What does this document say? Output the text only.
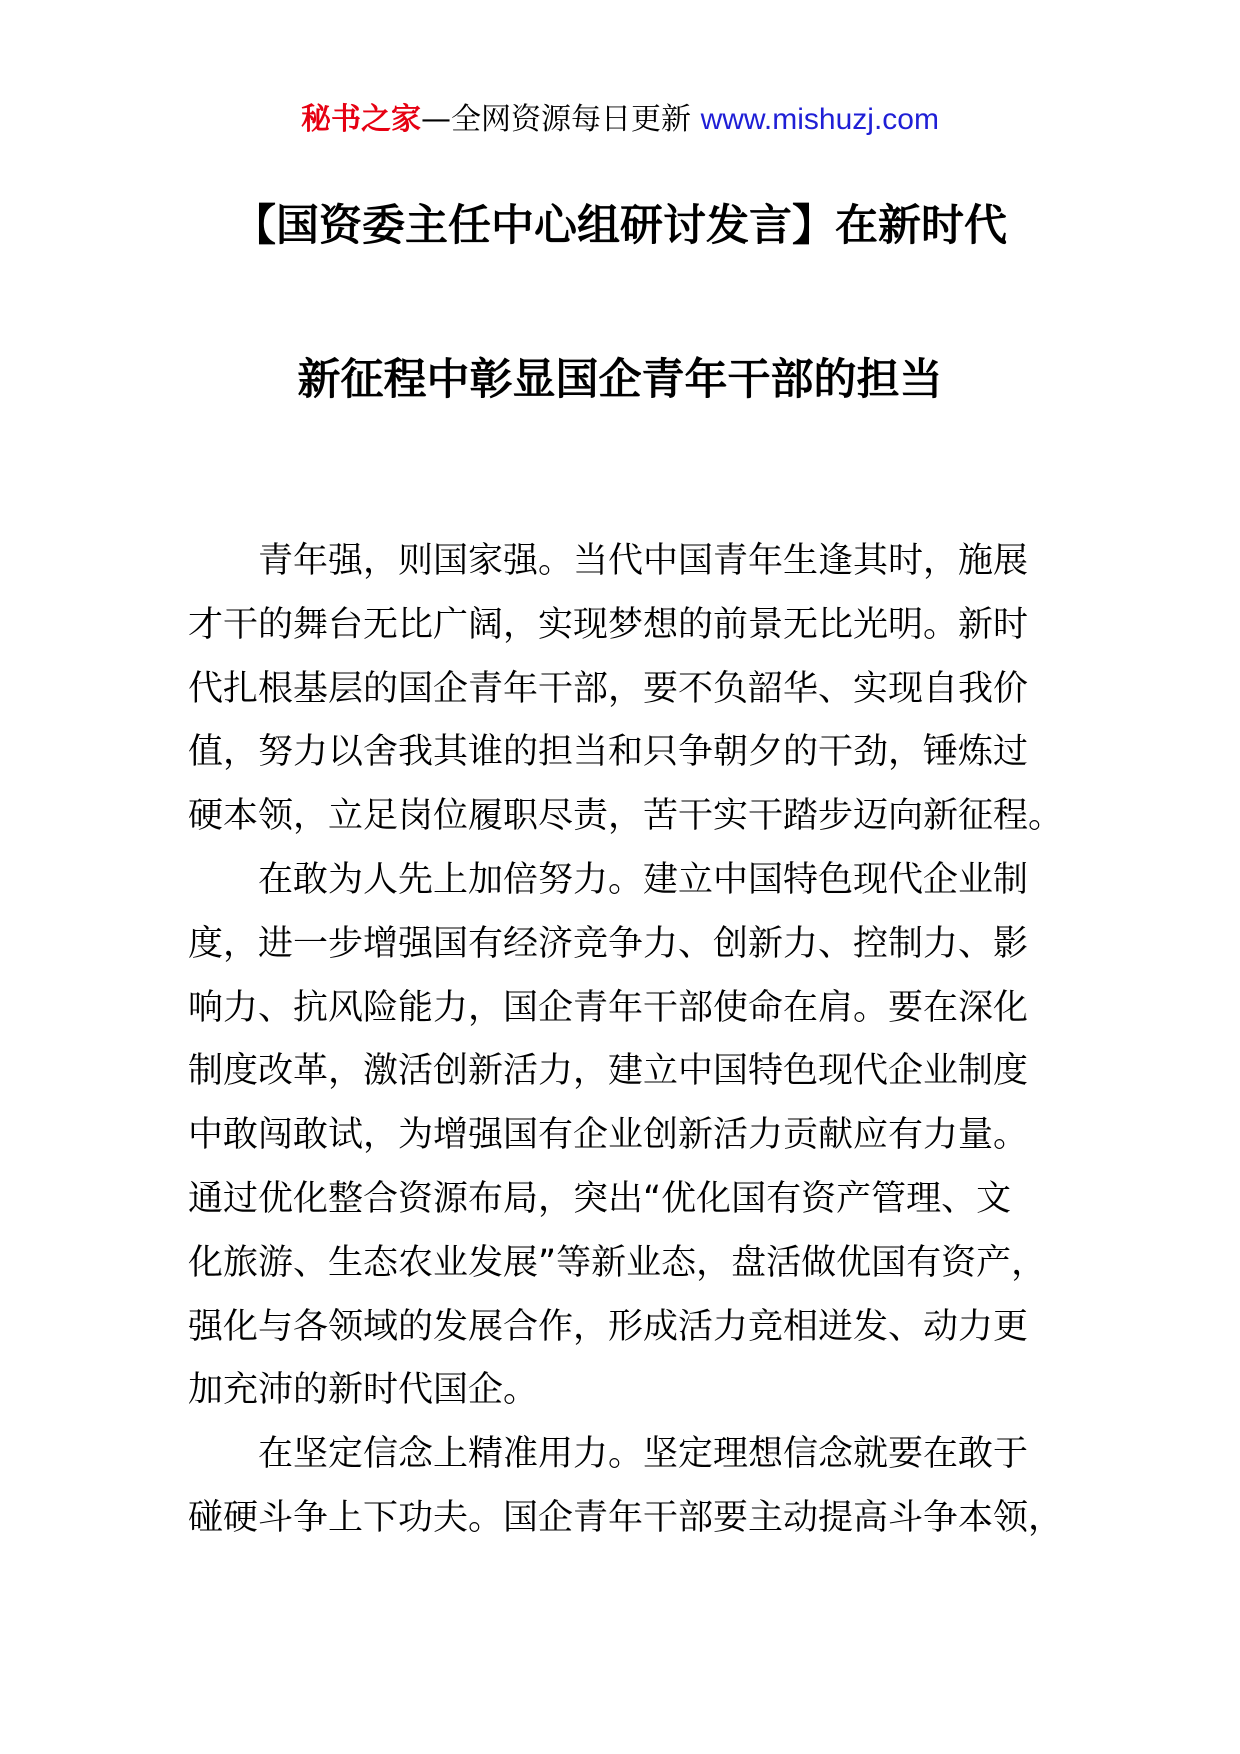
秘书之家—全网资源每日更新 www.mishuzj.com
【国资委主任中心组研讨发言】在新时代
新征程中彰显国企青年干部的担当
青年强，则国家强。当代中国青年生逢其时，施展
才干的舞台无比广阔，实现梦想的前景无比光明。新时
代扎根基层的国企青年干部，要不负韶华、实现自我价
值，努力以舍我其谁的担当和只争朝夕的干劲，锤炼过
硬本领，立足岗位履职尽责，苦干实干踏步迈向新征程。
在敢为人先上加倍努力。建立中国特色现代企业制
度，进一步增强国有经济竞争力、创新力、控制力、影
响力、抗风险能力，国企青年干部使命在肩。要在深化
制度改革，激活创新活力，建立中国特色现代企业制度
中敢闯敢试，为增强国有企业创新活力贡献应有力量。
通过优化整合资源布局，突出“优化国有资产管理、文
化旅游、生态农业发展”等新业态，盘活做优国有资产，
强化与各领域的发展合作，形成活力竞相迸发、动力更
加充沛的新时代国企。
在坚定信念上精准用力。坚定理想信念就要在敢于
碰硬斗争上下功夫。国企青年干部要主动提高斗争本领，
